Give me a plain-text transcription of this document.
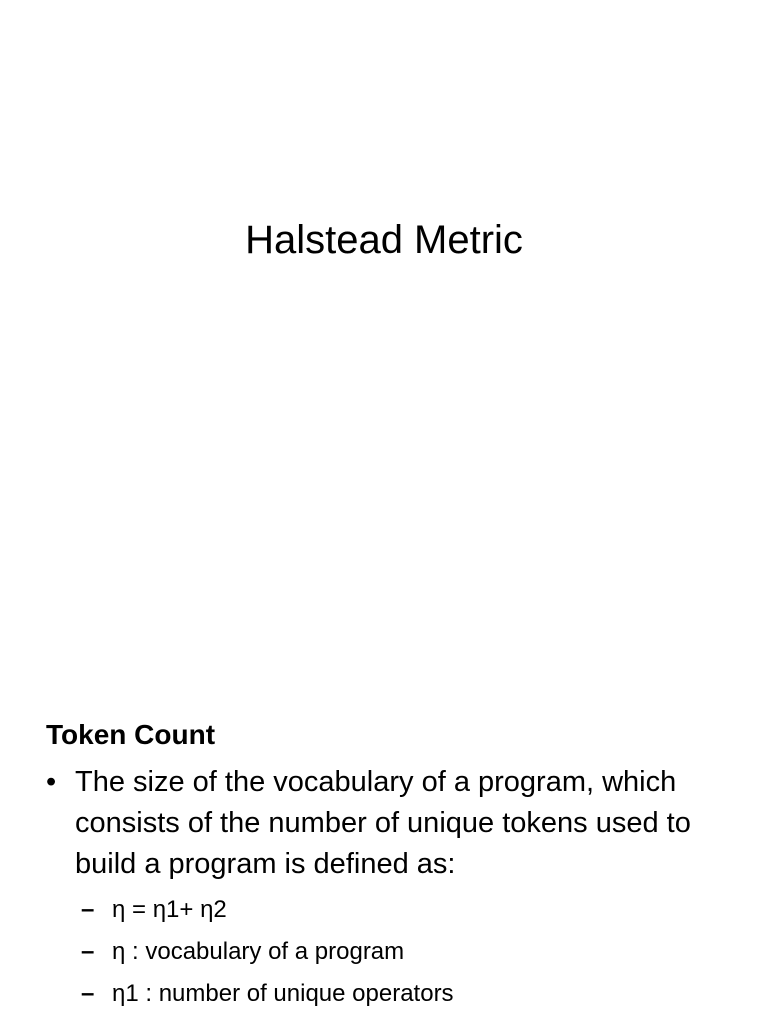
Halstead Metric
Token Count
• The size of the vocabulary of a program, which consists of the number of unique tokens used to build a program is defined as:
– η = η1+ η2
– η : vocabulary of a program
– η1 : number of unique operators
